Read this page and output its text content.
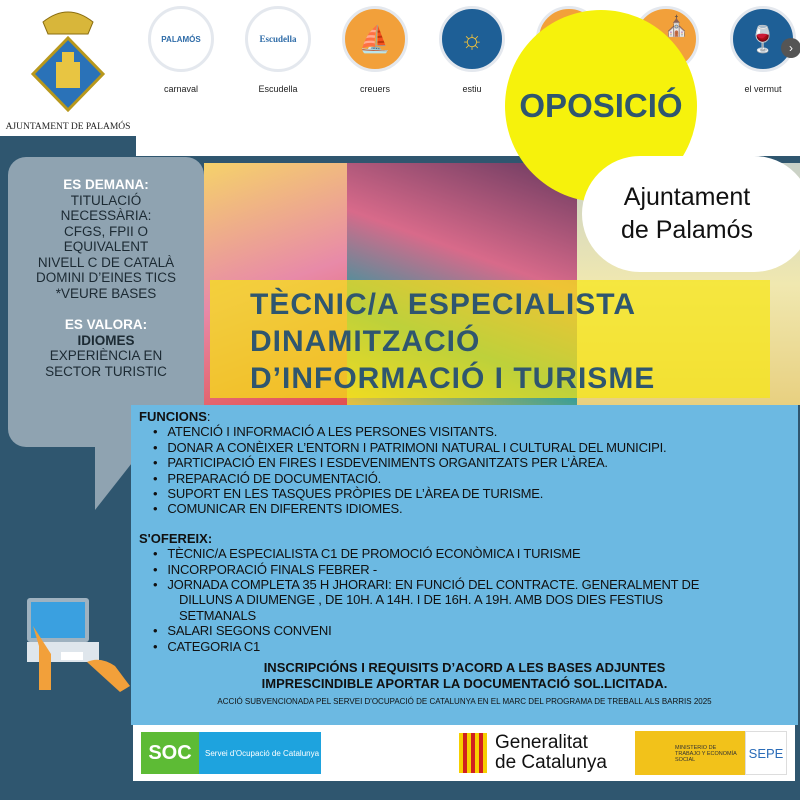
AJUNTAMENT DE PALAMÓS
PALAMÓS
carnaval
Escudella
Escudella
⛵
creuers
☼
estiu
⛪	🍷
el vermut
›
OPOSICIÓ
Ajuntament
de Palamós
ES DEMANA:
TITULACIÓ
NECESSÀRIA:
CFGS, FPII O
EQUIVALENT
NIVELL C DE CATALÀ
DOMINI D’EINES TICS
*VEURE BASES
ES VALORA:
IDIOMES
EXPERIÈNCIA EN
SECTOR TURISTIC
TÈCNIC/A ESPECIALISTA
DINAMITZACIÓ
D’INFORMACIÓ I TURISME
FUNCIONS:
• ATENCIÓ I INFORMACIÓ A LES PERSONES VISITANTS.
• DONAR A CONÈIXER L’ENTORN I PATRIMONI NATURAL I CULTURAL DEL MUNICIPI.
• PARTICIPACIÓ EN FIRES I ESDEVENIMENTS ORGANITZATS PER L’ÀREA.
• PREPARACIÓ DE DOCUMENTACIÓ.
• SUPORT EN LES TASQUES PRÒPIES DE L’ÀREA DE TURISME.
• COMUNICAR EN DIFERENTS IDIOMES.
S'OFEREIX:
• TÈCNIC/A ESPECIALISTA C1 DE PROMOCIÓ ECONÒMICA I TURISME
• INCORPORACIÓ FINALS FEBRER -
• JORNADA COMPLETA 35 H JHORARI: EN FUNCIÓ DEL CONTRACTE. GENERALMENT DE
DILLUNS A DIUMENGE , DE 10H. A 14H. I DE 16H. A 19H. AMB DOS DIES FESTIUS
SETMANALS
• SALARI SEGONS CONVENI
• CATEGORIA C1
INSCRIPCIÓNS I REQUISITS D’ACORD A LES BASES ADJUNTES
IMPRESCINDIBLE APORTAR LA DOCUMENTACIÓ SOL.LICITADA.
ACCIÓ SUBVENCIONADA PEL SERVEI D'OCUPACIÓ DE CATALUNYA EN EL MARC DEL PROGRAMA DE TREBALL ALS BARRIS 2025
SOC	Servei d'Ocupació de Catalunya	Generalitat
de Catalunya
MINISTERIO DE TRABAJO Y ECONOMÍA SOCIAL	SEPE
